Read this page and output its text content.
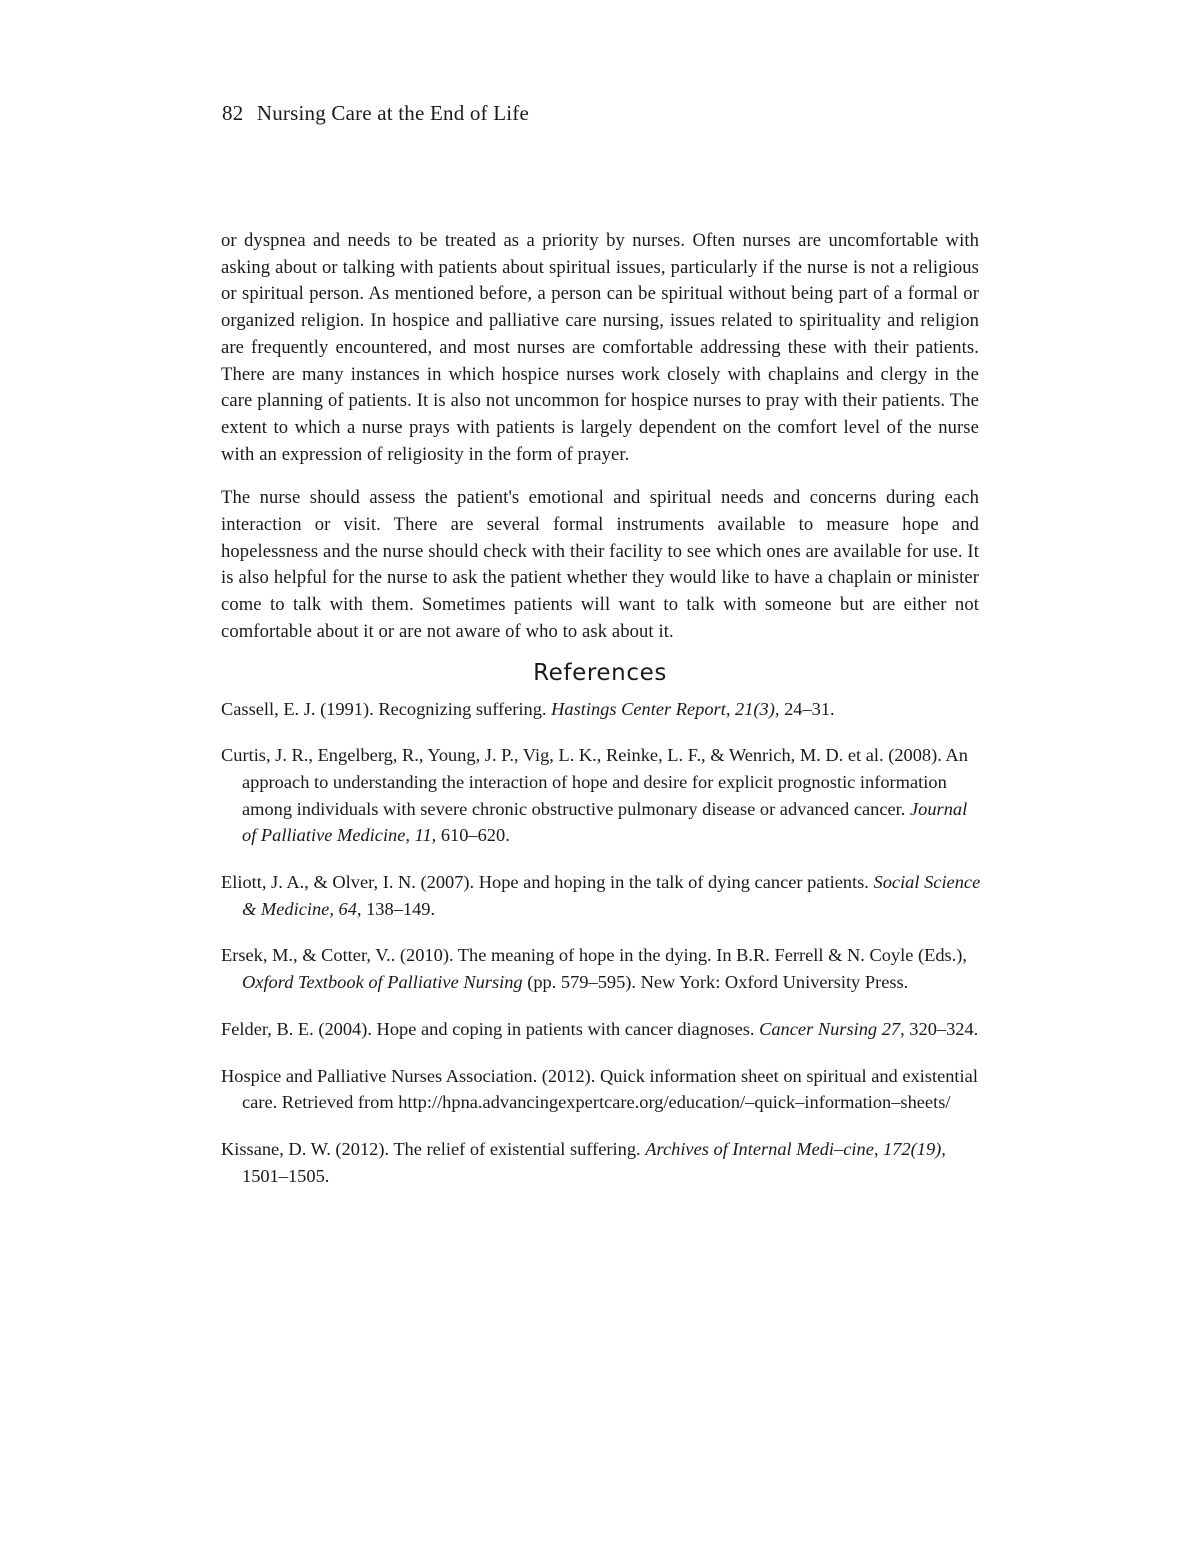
82 Nursing Care at the End of Life

or dyspnea and needs to be treated as a priority by nurses. Often nurses are uncomfortable with asking about or talking with patients about spiritual issues, particularly if the nurse is not a religious or spiritual person. As mentioned before, a person can be spiritual without being part of a formal or organized religion. In hospice and palliative care nursing, issues related to spirituality and religion are frequently encountered, and most nurses are comfortable addressing these with their patients. There are many instances in which hospice nurses work closely with chaplains and clergy in the care planning of patients. It is also not uncommon for hospice nurses to pray with their patients. The extent to which a nurse prays with patients is largely dependent on the comfort level of the nurse with an expression of religiosity in the form of prayer.

The nurse should assess the patient's emotional and spiritual needs and concerns during each interaction or visit. There are several formal instruments available to measure hope and hopelessness and the nurse should check with their facility to see which ones are available for use. It is also helpful for the nurse to ask the patient whether they would like to have a chaplain or minister come to talk with them. Sometimes patients will want to talk with someone but are either not comfortable about it or are not aware of who to ask about it.

References
Cassell, E. J. (1991). Recognizing suffering. Hastings Center Report, 21(3), 24–31.
Curtis, J. R., Engelberg, R., Young, J. P., Vig, L. K., Reinke, L. F., & Wenrich, M. D. et al. (2008). An approach to understanding the interaction of hope and desire for explicit prognostic information among individuals with severe chronic obstructive pulmonary disease or advanced cancer. Journal of Palliative Medicine, 11, 610–620.
Eliott, J. A., & Olver, I. N. (2007). Hope and hoping in the talk of dying cancer patients. Social Science & Medicine, 64, 138–149.
Ersek, M., & Cotter, V.. (2010). The meaning of hope in the dying. In B.R. Ferrell & N. Coyle (Eds.), Oxford Textbook of Palliative Nursing (pp. 579–595). New York: Oxford University Press.
Felder, B. E. (2004). Hope and coping in patients with cancer diagnoses. Cancer Nursing 27, 320–324.
Hospice and Palliative Nurses Association. (2012). Quick information sheet on spiritual and existential care. Retrieved from http://hpna.advancingexpertcare.org/education/–quick–information–sheets/
Kissane, D. W. (2012). The relief of existential suffering. Archives of Internal Medi–cine, 172(19), 1501–1505.
